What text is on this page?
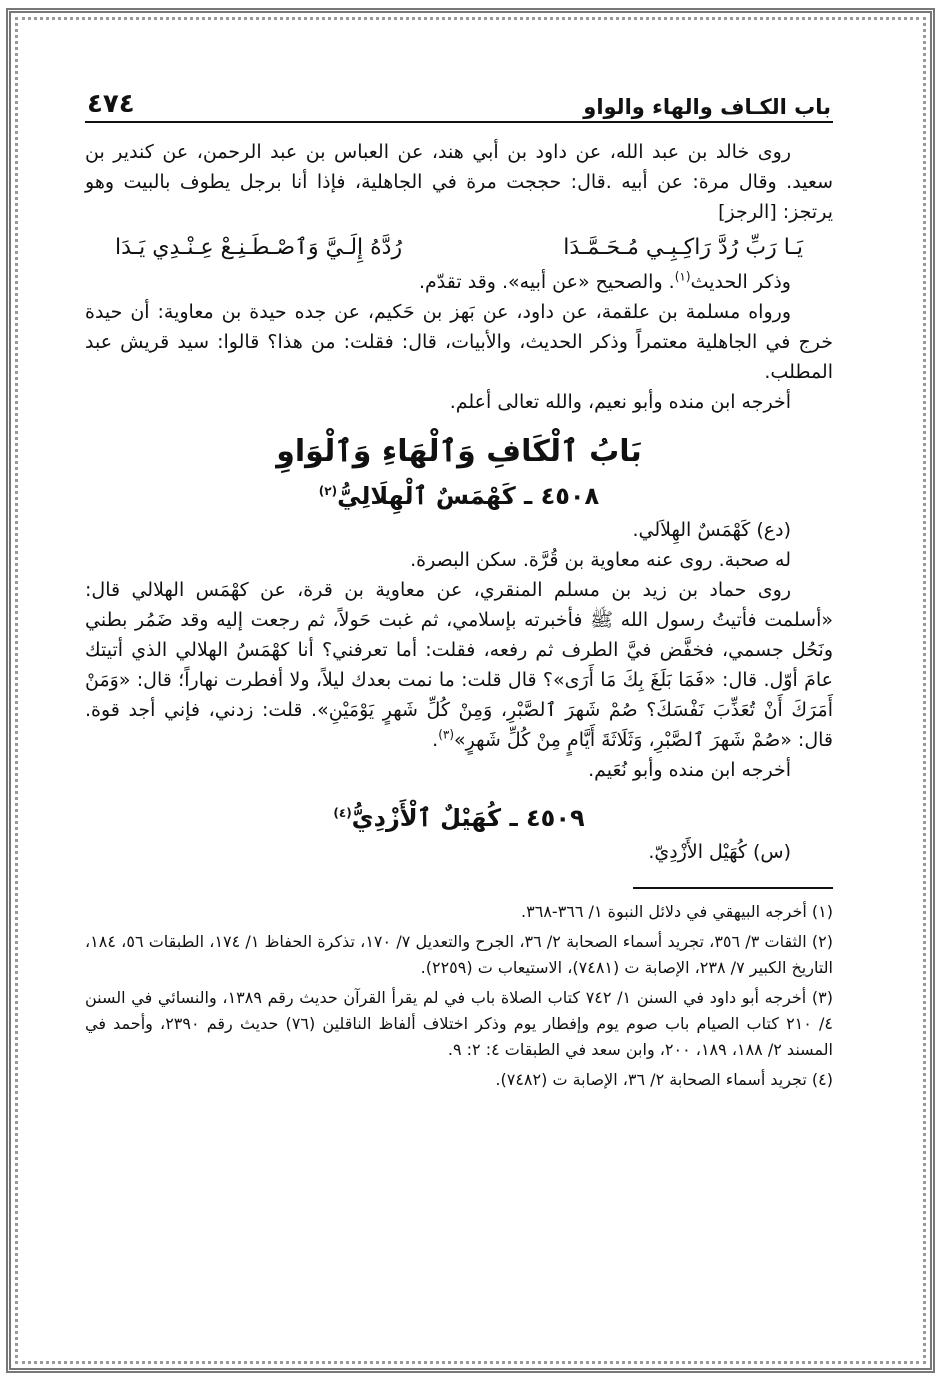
باب الكـاف والهاء والواو
٤٧٤

روى خالد بن عبد الله، عن داود بن أبي هند، عن العباس بن عبد الرحمن، عن كندير بن سعيد. وقال مرة: عن أبيه .قال: حججت مرة في الجاهلية، فإذا أنا برجل يطوف بالبيت وهو يرتجز: [الرجز]

يَـا رَبِّ رُدَّ رَاكِـبِـي مُـحَـمَّـدَا
رُدَّهُ إِلَـيَّ وَٱصْـطَـنِـعْ عِـنْـدِي يَـدَا

وذكر الحديث$^{(١)}$. والصحيح «عن أبيه». وقد تقدّم.

ورواه مسلمة بن علقمة، عن داود، عن بَهز بن حَكيم، عن جده حيدة بن معاوية: أن حيدة خرج في الجاهلية معتمراً وذكر الحديث، والأبيات، قال: فقلت: من هذا؟ قالوا: سيد قريش عبد المطلب.

أخرجه ابن منده وأبو نعيم، والله تعالى أعلم.

بَابُ ٱلْكَافِ وَٱلْهَاءِ وَٱلْوَاوِ
٤٥٠٨ ـ كَهْمَسٌ ٱلْهِلَالِيُّ$^{(٢)}$

(دع) كَهْمَسٌ الهِلاَلي.

له صحبة. روى عنه معاوية بن قُرَّة. سكن البصرة.

روى حماد بن زيد بن مسلم المنقري، عن معاوية بن قرة، عن كهْمَس الهلالي قال: «أسلمت فأتيتُ رسول الله ﷺ فأخبرته بإسلامي، ثم غبت حَولاً، ثم رجعت إليه وقد ضَمُر بطني ونَحُل جسمي، فخفَّض فيَّ الطرف ثم رفعه، فقلت: أما تعرفني؟ أنا كهْمَسُ الهلالي الذي أتيتك عامَ أوّل. قال: «فَمَا بَلَغَ بِكَ مَا أَرَى»؟ قال قلت: ما نمت بعدك ليلاً، ولا أفطرت نهاراً؛ قال: «وَمَنْ أَمَرَكَ أَنْ تُعَذِّبَ نَفْسَكَ؟ صُمْ شَهرَ ٱلصَّبْرِ، وَمِنْ كُلِّ شَهرٍ يَوْمَيْنِ». قلت: زدني، فإني أجد قوة. قال: «صُمْ شَهرَ ٱلصَّبْرِ، وَثَلَاثَةَ أَيَّامٍ مِنْ كُلِّ شَهرٍ»$^{(٣)}$.

أخرجه ابن منده وأبو نُعَيم.

٤٥٠٩ ـ كُهَيْلٌ ٱلْأَزْدِيُّ$^{(٤)}$

(س) كُهَيْل الأَزْدِيّ.

(١) أخرجه البيهقي في دلائل النبوة ١/ ٣٦٦-٣٦٨.
(٢) الثقات ٣/ ٣٥٦، تجريد أسماء الصحابة ٢/ ٣٦، الجرح والتعديل ٧/ ١٧٠، تذكرة الحفاظ ١/ ١٧٤، الطبقات ٥٦، ١٨٤، التاريخ الكبير ٧/ ٢٣٨، الإصابة ت (٧٤٨١)، الاستيعاب ت (٢٢٥٩).
(٣) أخرجه أبو داود في السنن ١/ ٧٤٢ كتاب الصلاة باب في لم يقرأ القرآن حديث رقم ١٣٨٩، والنسائي في السنن ٤/ ٢١٠ كتاب الصيام باب صوم يوم وإفطار يوم وذكر اختلاف ألفاظ الناقلين (٧٦) حديث رقم ٢٣٩٠، وأحمد في المسند ٢/ ١٨٨، ١٨٩، ٢٠٠، وابن سعد في الطبقات ٤: ٢: ٩.
(٤) تجريد أسماء الصحابة ٢/ ٣٦، الإصابة ت (٧٤٨٢).
